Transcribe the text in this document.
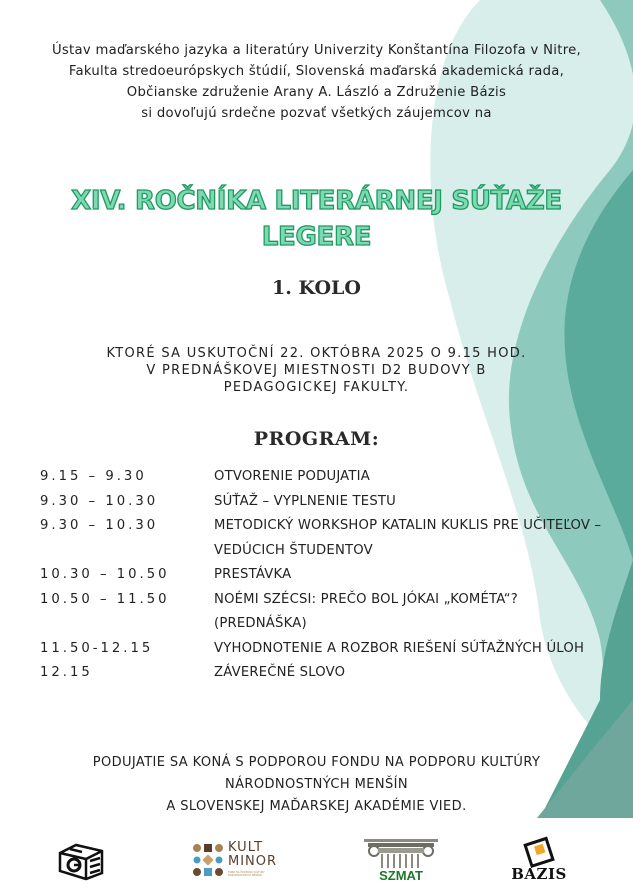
Ústav maďarského jazyka a literatúry Univerzity Konštantína Filozofa v Nitre,
Fakulta stredoeurópskych štúdií, Slovenská maďarská akademická rada,
Občianske združenie Arany A. László a Združenie Bázis
si dovoľujú srdečne pozvať všetkých záujemcov na
XIV. ROČNÍKA LITERÁRNEJ SÚŤAŽE
LEGERE
1. KOLO
KTORÉ SA USKUTOČNÍ 22. OKTÓBRA 2025 O 9.15 HOD.
V PREDNÁŠKOVEJ MIESTNOSTI D2 BUDOVY B
PEDAGOGICKEJ FAKULTY.
PROGRAM:
9.15 – 9.30	OTVORENIE PODUJATIA
9.30 – 10.30	SÚŤAŽ – VYPLNENIE TESTU
9.30 – 10.30	METODICKÝ WORKSHOP KATALIN KUKLIS PRE UČITEĽOV –
VEDÚCICH ŠTUDENTOV
10.30 – 10.50	PRESTÁVKA
10.50 – 11.50	NOÉMI SZÉCSI: PREČO BOL JÓKAI „KOMÉTA“?
(PREDNÁŠKA)
11.50-12.15	VYHODNOTENIE A ROZBOR RIEŠENÍ SÚŤAŽNÝCH ÚLOH
12.15	ZÁVEREČNÉ SLOVO
PODUJATIE SA KONÁ S PODPOROU FONDU NA PODPORU KULTÚRY
NÁRODNOSTNÝCH MENŠÍN
A SLOVENSKEJ MAĎARSKEJ AKADÉMIE VIED.
KULT
MINOR
FOND NA PODPORU KULTÚRY NÁRODNOSTNÝCH MENŠÍN	SZMAT	BAZIS
